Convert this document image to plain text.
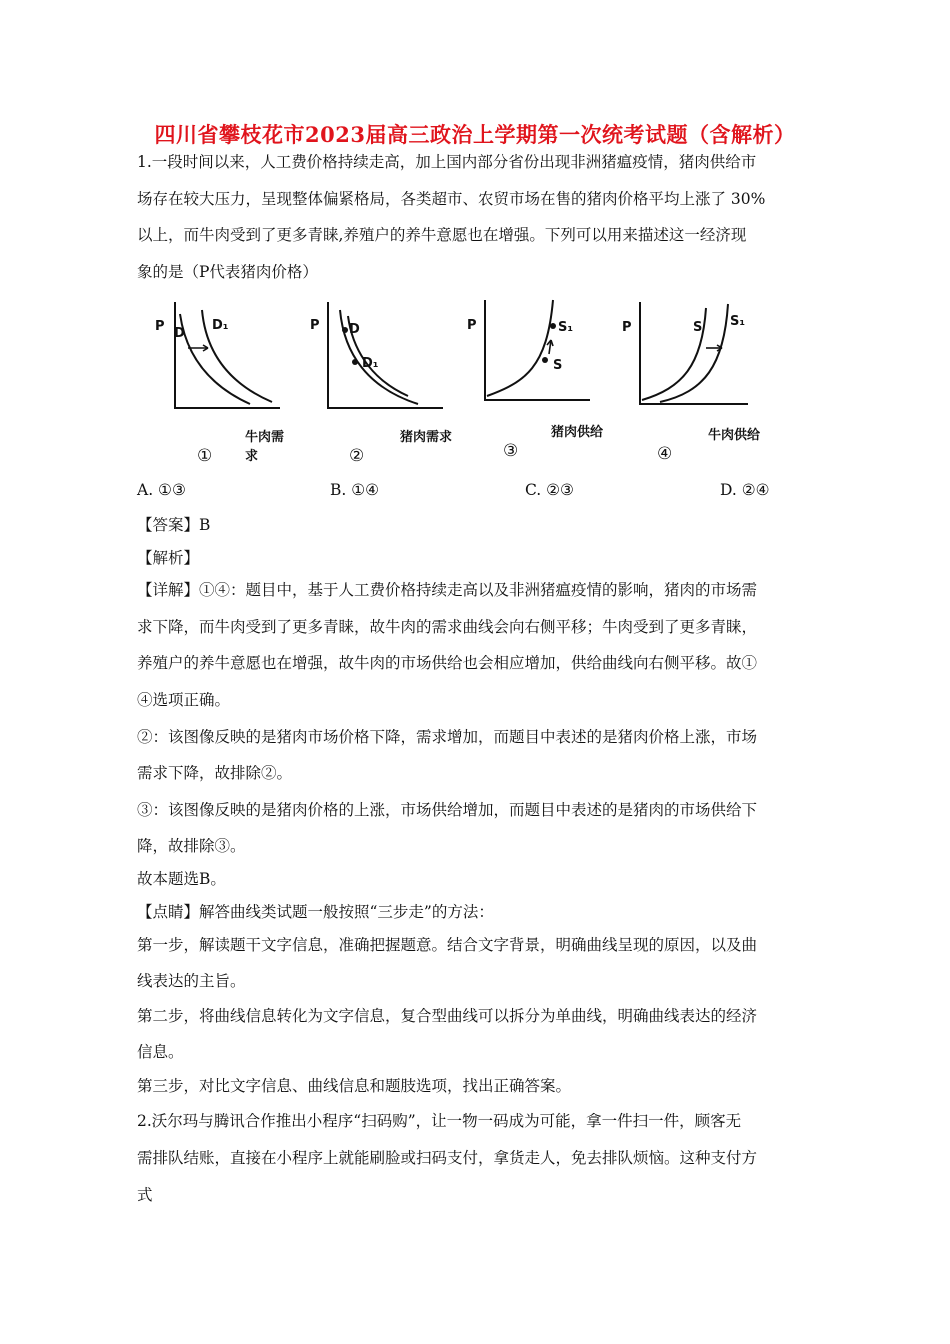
四川省攀枝花市2023届高三政治上学期第一次统考试题（含解析）
1.一段时间以来，人工费价格持续走高，加上国内部分省份出现非洲猪瘟疫情，猪肉供给市
场存在较大压力，呈现整体偏紧格局，各类超市、农贸市场在售的猪肉价格平均上涨了 30%
以上，而牛肉受到了更多青睐,养殖户的养牛意愿也在增强。下列可以用来描述这一经济现
象的是（P代表猪肉价格）
P D
D₁
牛肉需求
①
P D
D₁
猪肉需求
②
P	S₁
S
猪肉供给
③
P	S S₁
牛肉供给
④
A. ①③	B. ①④	C. ②③	D. ②④
【答案】B
【解析】
【详解】①④：题目中，基于人工费价格持续走高以及非洲猪瘟疫情的影响，猪肉的市场需
求下降，而牛肉受到了更多青睐，故牛肉的需求曲线会向右侧平移；牛肉受到了更多青睐，
养殖户的养牛意愿也在增强，故牛肉的市场供给也会相应增加，供给曲线向右侧平移。故①
④选项正确。
②：该图像反映的是猪肉市场价格下降，需求增加，而题目中表述的是猪肉价格上涨，市场
需求下降，故排除②。
③：该图像反映的是猪肉价格的上涨，市场供给增加，而题目中表述的是猪肉的市场供给下
降，故排除③。
故本题选B。
【点睛】解答曲线类试题一般按照“三步走”的方法：
第一步，解读题干文字信息，准确把握题意。结合文字背景，明确曲线呈现的原因，以及曲
线表达的主旨。
第二步，将曲线信息转化为文字信息，复合型曲线可以拆分为单曲线，明确曲线表达的经济
信息。
第三步，对比文字信息、曲线信息和题肢选项，找出正确答案。
2.沃尔玛与腾讯合作推出小程序“扫码购”，让一物一码成为可能，拿一件扫一件，顾客无
需排队结账，直接在小程序上就能刷脸或扫码支付，拿货走人，免去排队烦恼。这种支付方
式
